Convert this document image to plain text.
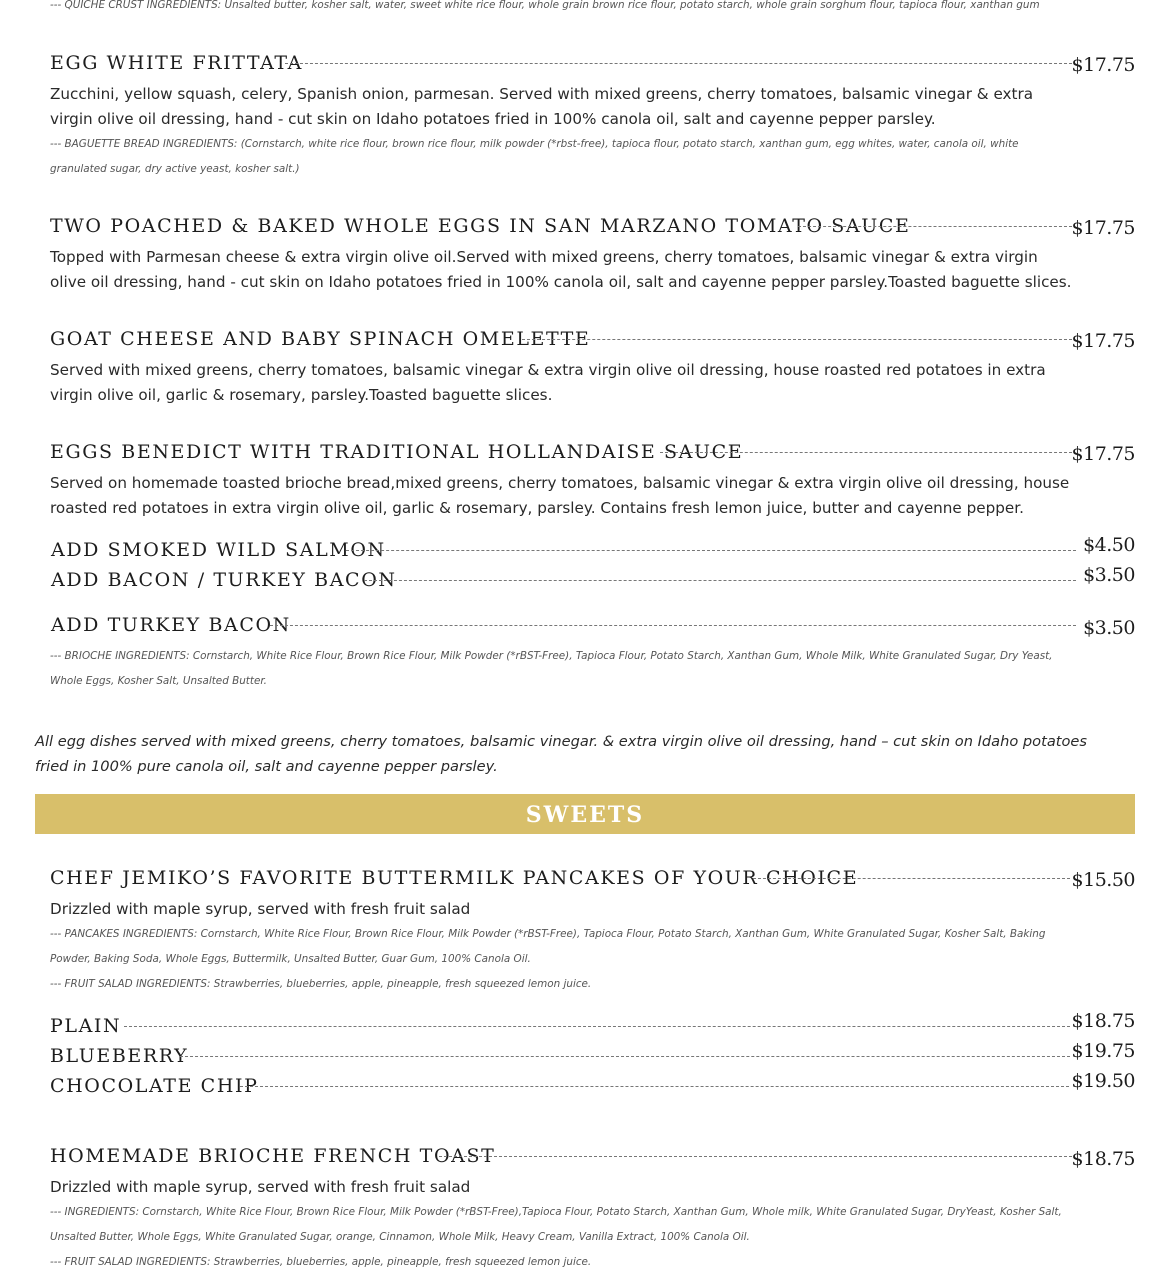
--- QUICHE CRUST INGREDIENTS: Unsalted butter, kosher salt, water, sweet white rice flour, whole grain brown rice flour, potato starch, whole grain sorghum flour, tapioca flour, xanthan gum
EGG WHITE FRITTATA	$17.75
Zucchini, yellow squash, celery, Spanish onion, parmesan. Served with mixed greens, cherry tomatoes, balsamic vinegar & extra virgin olive oil dressing, hand - cut skin on Idaho potatoes fried in 100% canola oil, salt and cayenne pepper parsley.
--- BAGUETTE BREAD INGREDIENTS: (Cornstarch, white rice flour, brown rice flour, milk powder (*rbst-free), tapioca flour, potato starch, xanthan gum, egg whites, water, canola oil, white granulated sugar, dry active yeast, kosher salt.)
TWO POACHED & BAKED WHOLE EGGS IN SAN MARZANO TOMATO SAUCE	$17.75
Topped with Parmesan cheese & extra virgin olive oil.Served with mixed greens, cherry tomatoes, balsamic vinegar & extra virgin olive oil dressing, hand - cut skin on Idaho potatoes fried in 100% canola oil, salt and cayenne pepper parsley.Toasted baguette slices.
GOAT CHEESE AND BABY SPINACH OMELETTE	$17.75
Served with mixed greens, cherry tomatoes, balsamic vinegar & extra virgin olive oil dressing, house roasted red potatoes in extra virgin olive oil, garlic & rosemary, parsley.Toasted baguette slices.
EGGS BENEDICT WITH TRADITIONAL HOLLANDAISE SAUCE	$17.75
Served on homemade toasted brioche bread,mixed greens, cherry tomatoes, balsamic vinegar & extra virgin olive oil dressing, house roasted red potatoes in extra virgin olive oil, garlic & rosemary, parsley. Contains fresh lemon juice, butter and cayenne pepper.
ADD SMOKED WILD SALMON	$4.50
ADD BACON / TURKEY BACON	$3.50
ADD TURKEY BACON	$3.50
--- BRIOCHE INGREDIENTS: Cornstarch, White Rice Flour, Brown Rice Flour, Milk Powder (*rBST-Free), Tapioca Flour, Potato Starch, Xanthan Gum, Whole Milk, White Granulated Sugar, Dry Yeast, Whole Eggs, Kosher Salt, Unsalted Butter.
All egg dishes served with mixed greens, cherry tomatoes, balsamic vinegar. & extra virgin olive oil dressing, hand – cut skin on Idaho potatoes fried in 100% pure canola oil, salt and cayenne pepper parsley.
SWEETS
CHEF JEMIKO’S FAVORITE BUTTERMILK PANCAKES OF YOUR CHOICE	$15.50
Drizzled with maple syrup, served with fresh fruit salad
--- PANCAKES INGREDIENTS: Cornstarch, White Rice Flour, Brown Rice Flour, Milk Powder (*rBST-Free), Tapioca Flour, Potato Starch, Xanthan Gum, White Granulated Sugar, Kosher Salt, Baking Powder, Baking Soda, Whole Eggs, Buttermilk, Unsalted Butter, Guar Gum, 100% Canola Oil.
--- FRUIT SALAD INGREDIENTS: Strawberries, blueberries, apple, pineapple, fresh squeezed lemon juice.
PLAIN	$18.75
BLUEBERRY	$19.75
CHOCOLATE CHIP	$19.50
HOMEMADE BRIOCHE FRENCH TOAST	$18.75
Drizzled with maple syrup, served with fresh fruit salad
--- INGREDIENTS: Cornstarch, White Rice Flour, Brown Rice Flour, Milk Powder (*rBST-Free),Tapioca Flour, Potato Starch, Xanthan Gum, Whole milk, White Granulated Sugar, DryYeast, Kosher Salt, Unsalted Butter, Whole Eggs, White Granulated Sugar, orange, Cinnamon, Whole Milk, Heavy Cream, Vanilla Extract, 100% Canola Oil.
--- FRUIT SALAD INGREDIENTS: Strawberries, blueberries, apple, pineapple, fresh squeezed lemon juice.
